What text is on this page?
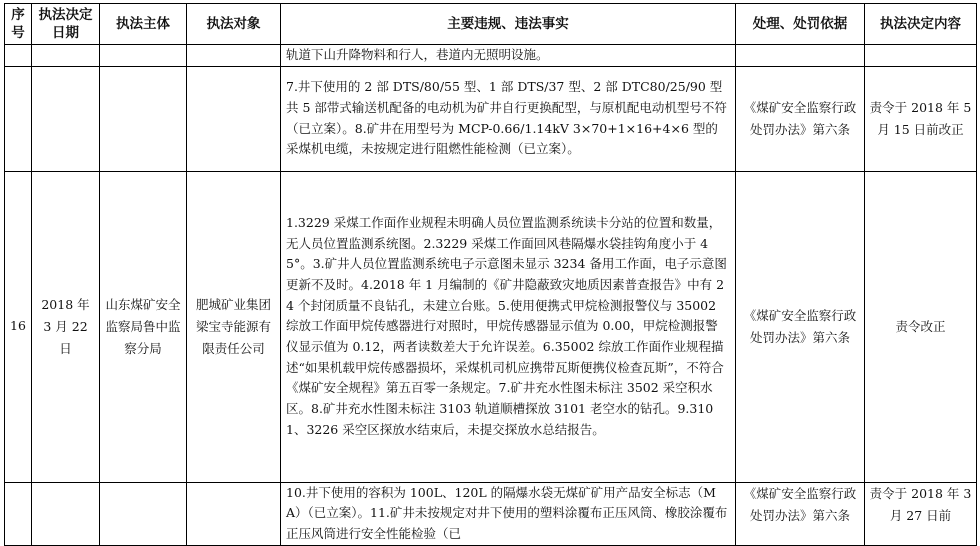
序号	执法决定日期	执法主体	执法对象	主要违规、违法事实	处理、处罚依据	执法决定内容
				轨道下山升降物料和行人，巷道内无照明设施。		
				7.井下使用的 2 部 DTS/80/55 型、1 部 DTS/37 型、2 部 DTC80/25/90 型共 5 部带式输送机配备的电动机为矿井自行更换配型，与原机配电动机型号不符（已立案）。8.矿井在用型号为 MCP-0.66/1.14kV 3×70+1×16+4×6 型的采煤机电缆，未按规定进行阻燃性能检测（已立案）。	《煤矿安全监察行政处罚办法》第六条	责令于 2018 年 5 月 15 日前改正
16	2018 年 3 月 22 日	山东煤矿安全监察局鲁中监察分局	肥城矿业集团梁宝寺能源有限责任公司	1.3229 采煤工作面作业规程未明确人员位置监测系统读卡分站的位置和数量，无人员位置监测系统图。2.3229 采煤工作面回风巷隔爆水袋挂钩角度小于 45°。3.矿井人员位置监测系统电子示意图未显示 3234 备用工作面，电子示意图更新不及时。4.2018 年 1 月编制的《矿井隐蔽致灾地质因素普查报告》中有 24 个封闭质量不良钻孔，未建立台账。5.使用便携式甲烷检测报警仪与 35002 综放工作面甲烷传感器进行对照时，甲烷传感器显示值为 0.00，甲烷检测报警仪显示值为 0.12，两者读数差大于允许误差。6.35002 综放工作面作业规程描述“如果机载甲烷传感器损坏，采煤机司机应携带瓦斯便携仪检查瓦斯”，不符合《煤矿安全规程》第五百零一条规定。7.矿井充水性图未标注 3502 采空积水区。8.矿井充水性图未标注 3103 轨道顺槽探放 3101 老空水的钻孔。9.3101、3226 采空区探放水结束后，未提交探放水总结报告。	《煤矿安全监察行政处罚办法》第六条	责令改正
				10.井下使用的容积为 100L、120L 的隔爆水袋无煤矿矿用产品安全标志（MA）（已立案）。11.矿井未按规定对井下使用的塑料涂覆布正压风筒、橡胶涂覆布正压风筒进行安全性能检验（已	《煤矿安全监察行政处罚办法》第六条	责令于 2018 年 3 月 27 日前
